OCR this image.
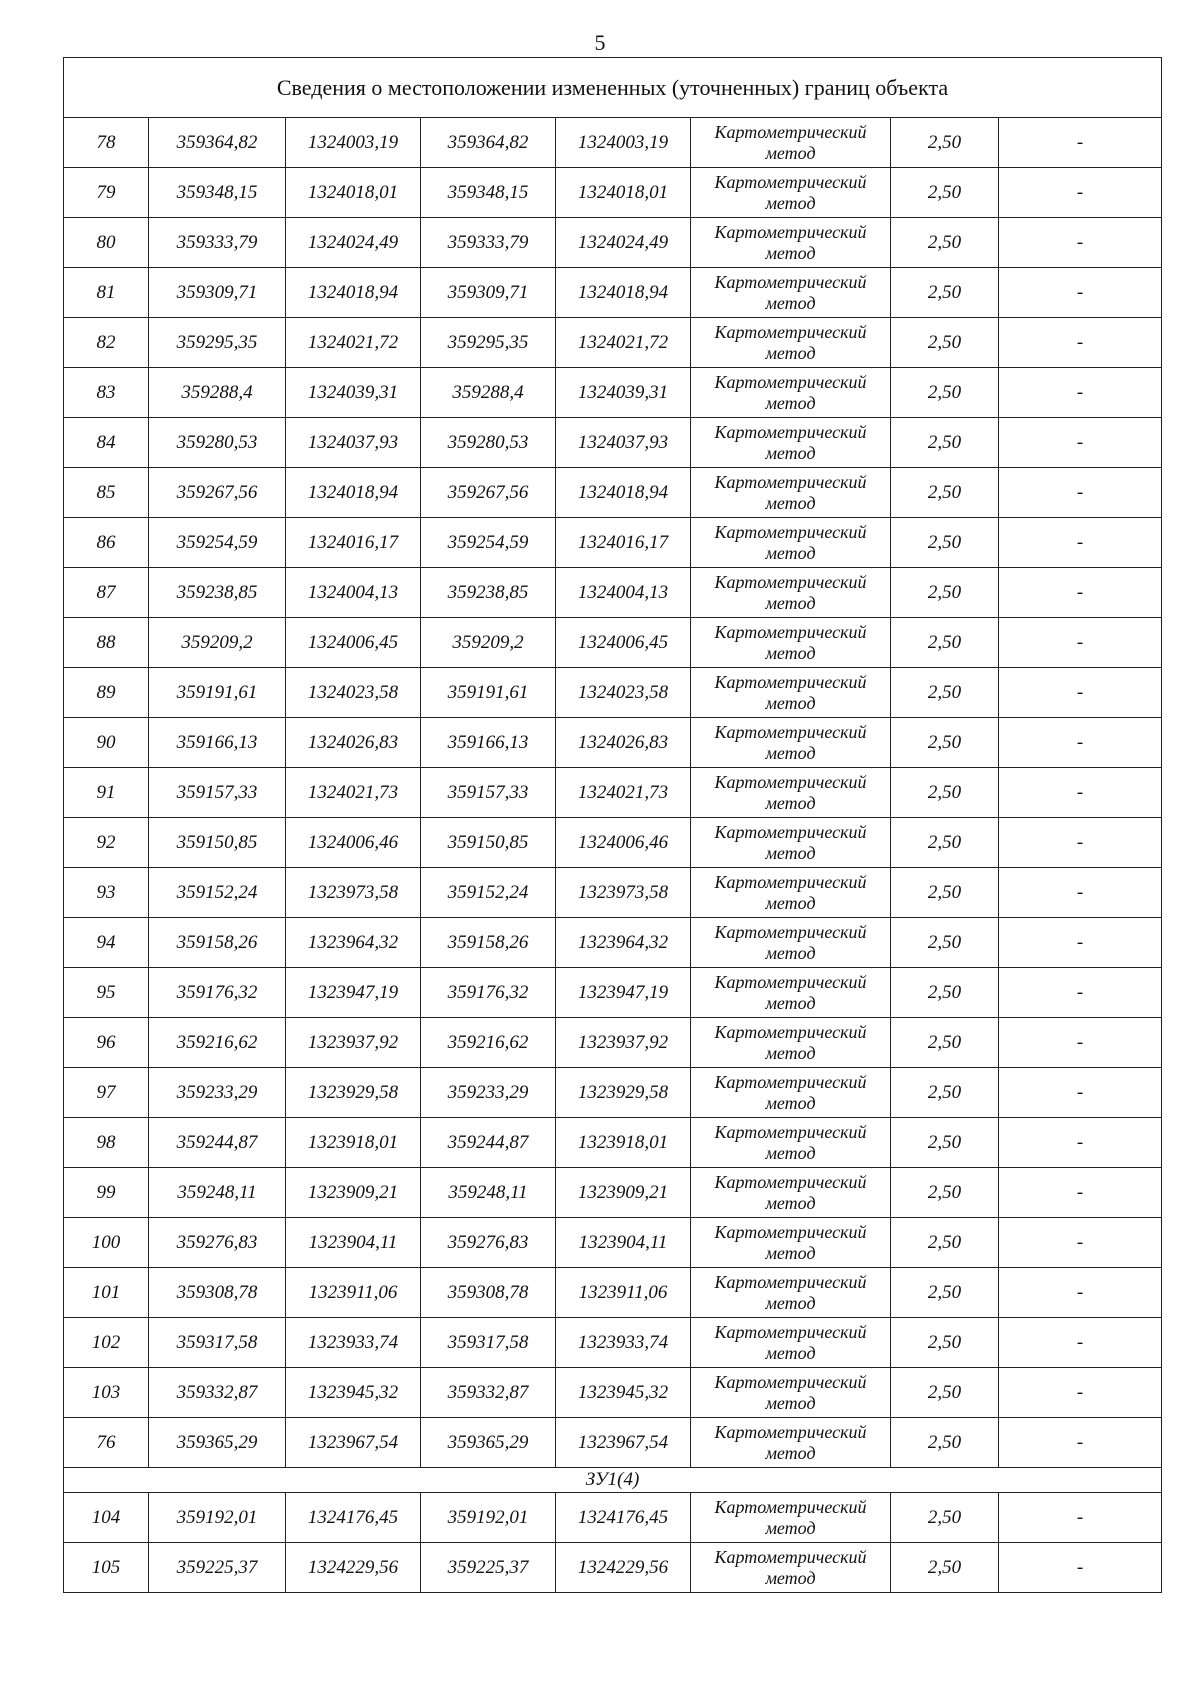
5
Сведения о местоположении измененных (уточненных) границ объекта							
78	359364,82	1324003,19	359364,82	1324003,19	Картометрический метод	2,50	-
79	359348,15	1324018,01	359348,15	1324018,01	Картометрический метод	2,50	-
80	359333,79	1324024,49	359333,79	1324024,49	Картометрический метод	2,50	-
81	359309,71	1324018,94	359309,71	1324018,94	Картометрический метод	2,50	-
82	359295,35	1324021,72	359295,35	1324021,72	Картометрический метод	2,50	-
83	359288,4	1324039,31	359288,4	1324039,31	Картометрический метод	2,50	-
84	359280,53	1324037,93	359280,53	1324037,93	Картометрический метод	2,50	-
85	359267,56	1324018,94	359267,56	1324018,94	Картометрический метод	2,50	-
86	359254,59	1324016,17	359254,59	1324016,17	Картометрический метод	2,50	-
87	359238,85	1324004,13	359238,85	1324004,13	Картометрический метод	2,50	-
88	359209,2	1324006,45	359209,2	1324006,45	Картометрический метод	2,50	-
89	359191,61	1324023,58	359191,61	1324023,58	Картометрический метод	2,50	-
90	359166,13	1324026,83	359166,13	1324026,83	Картометрический метод	2,50	-
91	359157,33	1324021,73	359157,33	1324021,73	Картометрический метод	2,50	-
92	359150,85	1324006,46	359150,85	1324006,46	Картометрический метод	2,50	-
93	359152,24	1323973,58	359152,24	1323973,58	Картометрический метод	2,50	-
94	359158,26	1323964,32	359158,26	1323964,32	Картометрический метод	2,50	-
95	359176,32	1323947,19	359176,32	1323947,19	Картометрический метод	2,50	-
96	359216,62	1323937,92	359216,62	1323937,92	Картометрический метод	2,50	-
97	359233,29	1323929,58	359233,29	1323929,58	Картометрический метод	2,50	-
98	359244,87	1323918,01	359244,87	1323918,01	Картометрический метод	2,50	-
99	359248,11	1323909,21	359248,11	1323909,21	Картометрический метод	2,50	-
100	359276,83	1323904,11	359276,83	1323904,11	Картометрический метод	2,50	-
101	359308,78	1323911,06	359308,78	1323911,06	Картометрический метод	2,50	-
102	359317,58	1323933,74	359317,58	1323933,74	Картометрический метод	2,50	-
103	359332,87	1323945,32	359332,87	1323945,32	Картометрический метод	2,50	-
76	359365,29	1323967,54	359365,29	1323967,54	Картометрический метод	2,50	-
ЗУ1(4)							
104	359192,01	1324176,45	359192,01	1324176,45	Картометрический метод	2,50	-
105	359225,37	1324229,56	359225,37	1324229,56	Картометрический метод	2,50	-
